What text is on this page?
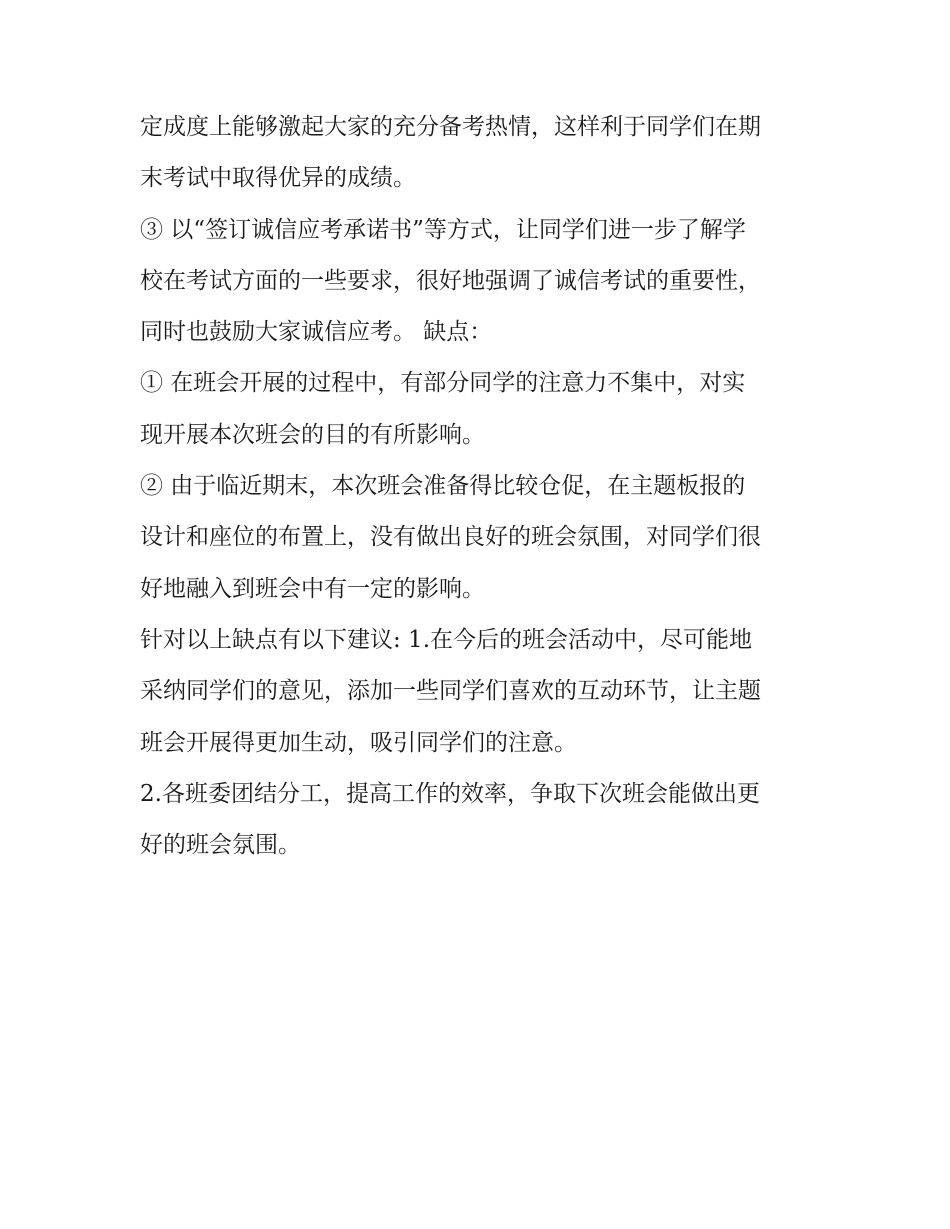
定成度上能够激起大家的充分备考热情，这样利于同学们在期
末考试中取得优异的成绩。
③ 以“签订诚信应考承诺书”等方式，让同学们进一步了解学
校在考试方面的一些要求，很好地强调了诚信考试的重要性，
同时也鼓励大家诚信应考。 缺点：
① 在班会开展的过程中，有部分同学的注意力不集中，对实
现开展本次班会的目的有所影响。
② 由于临近期末，本次班会准备得比较仓促，在主题板报的
设计和座位的布置上，没有做出良好的班会氛围，对同学们很
好地融入到班会中有一定的影响。
针对以上缺点有以下建议: 1.在今后的班会活动中，尽可能地
采纳同学们的意见，添加一些同学们喜欢的互动环节，让主题
班会开展得更加生动，吸引同学们的注意。
2.各班委团结分工，提高工作的效率，争取下次班会能做出更
好的班会氛围。
